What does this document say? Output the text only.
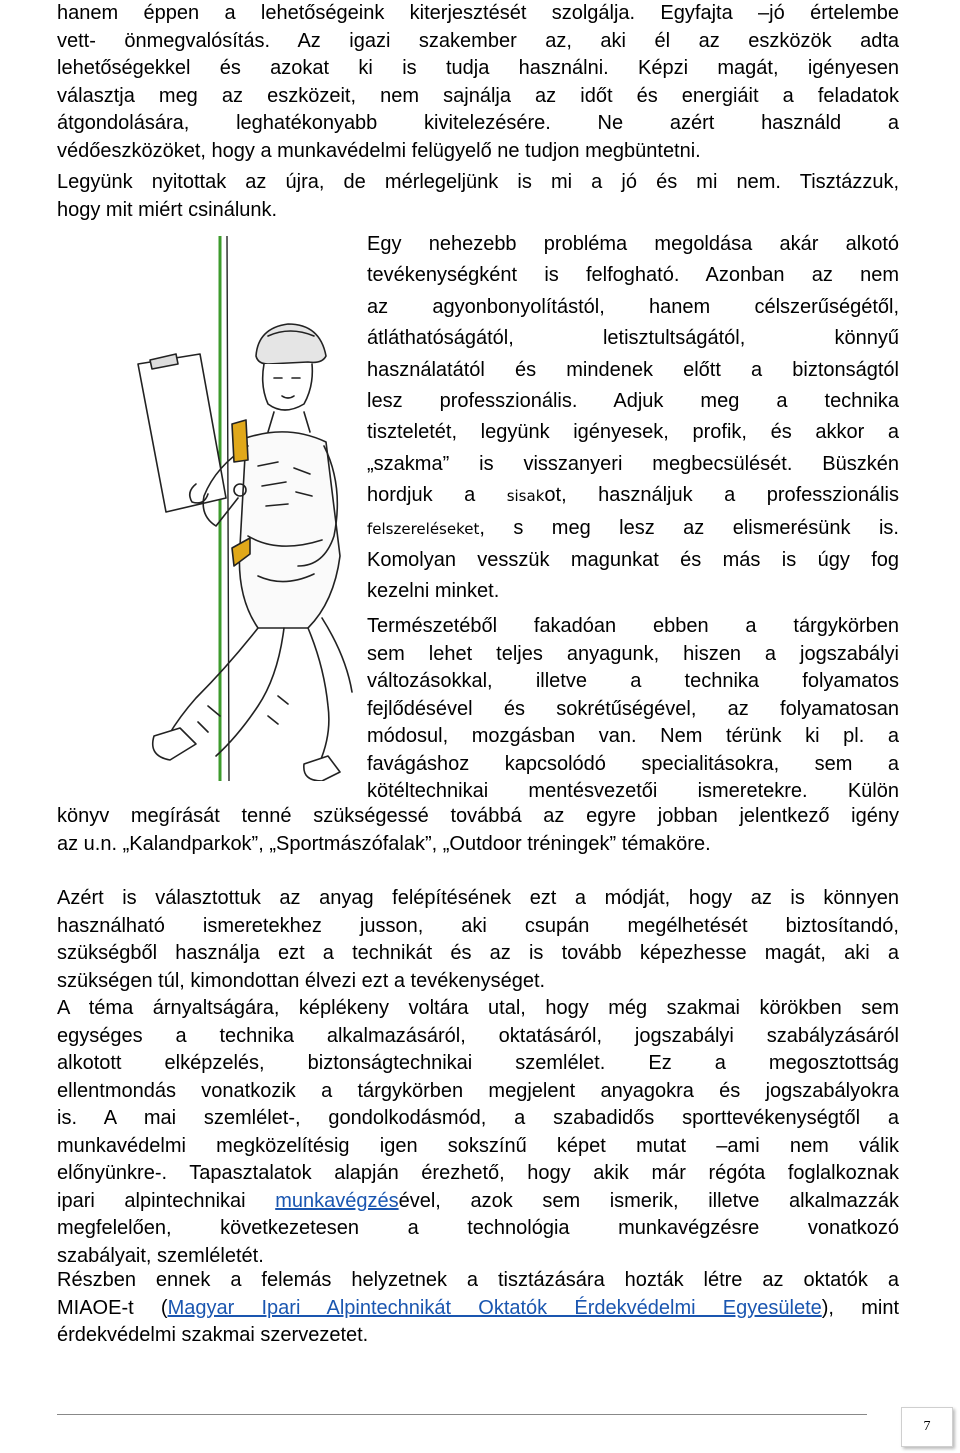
hanem éppen a lehetőségeink kiterjesztését szolgálja. Egyfajta –jó értelembe
vett- önmegvalósítás. Az igazi szakember az, aki él az eszközök adta
lehetőségekkel és azokat ki is tudja használni. Képzi magát, igényesen
választja meg az eszközeit, nem sajnálja az időt és energiáit a feladatok
átgondolására, leghatékonyabb kivitelezésére. Ne azért használd a
védőeszközöket, hogy a munkavédelmi felügyelő ne tudjon megbüntetni.

Legyünk nyitottak az újra, de mérlegeljünk is mi a jó és mi nem. Tisztázzuk,
hogy mit miért csinálunk.

Egy nehezebb probléma megoldása akár alkotó
tevékenységként is felfogható. Azonban az nem
az agyonbonyolítástól, hanem célszerűségétől,
átláthatóságától, letisztultságától, könnyű
használatától és mindenek előtt a biztonságtól
lesz professzionális. Adjuk meg a technika
tiszteletét, legyünk igényesek, profik, és akkor a
„szakma” is visszanyeri megbecsülését. Büszkén
hordjuk a sisakot, használjuk a professzionális
felszereléseket, s meg lesz az elismerésünk is.
Komolyan vesszük magunkat és más is úgy fog
kezelni minket.

Természetéből fakadóan ebben a tárgykörben
sem lehet teljes anyagunk, hiszen a jogszabályi
változásokkal, illetve a technika folyamatos
fejlődésével és sokrétűségével, az folyamatosan
módosul, mozgásban van. Nem térünk ki pl. a
favágáshoz kapcsolódó specialitásokra, sem a
kötéltechnikai mentésvezetői ismeretekre. Külön

könyv megírását tenné szükségessé továbbá az egyre jobban jelentkező igény
az u.n. „Kalandparkok”, „Sportmászófalak”, „Outdoor tréningek” témaköre.

Azért is választottuk az anyag felépítésének ezt a módját, hogy az is könnyen
használható ismeretekhez jusson, aki csupán megélhetését biztosítandó,
szükségből használja ezt a technikát és az is tovább képezhesse magát, aki a
szükségen túl, kimondottan élvezi ezt a tevékenységet.

A téma árnyaltságára, képlékeny voltára utal, hogy még szakmai körökben sem
egységes a technika alkalmazásáról, oktatásáról, jogszabályi szabályzásáról
alkotott elképzelés, biztonságtechnikai szemlélet. Ez a megosztottság
ellentmondás vonatkozik a tárgykörben megjelent anyagokra és jogszabályokra
is. A mai szemlélet-, gondolkodásmód, a szabadidős sporttevékenységtől a
munkavédelmi megközelítésig igen sokszínű képet mutat –ami nem válik
előnyünkre-. Tapasztalatok alapján érezhető, hogy akik már régóta foglalkoznak
ipari alpintechnikai munkavégzésével, azok sem ismerik, illetve alkalmazzák
megfelelően, következetesen a technológia munkavégzésre vonatkozó
szabályait, szemléletét.

Részben ennek a felemás helyzetnek a tisztázására hozták létre az oktatók a
MIAOE-t (Magyar Ipari Alpintechnikát Oktatók Érdekvédelmi Egyesülete), mint
érdekvédelmi szakmai szervezetet.

7
